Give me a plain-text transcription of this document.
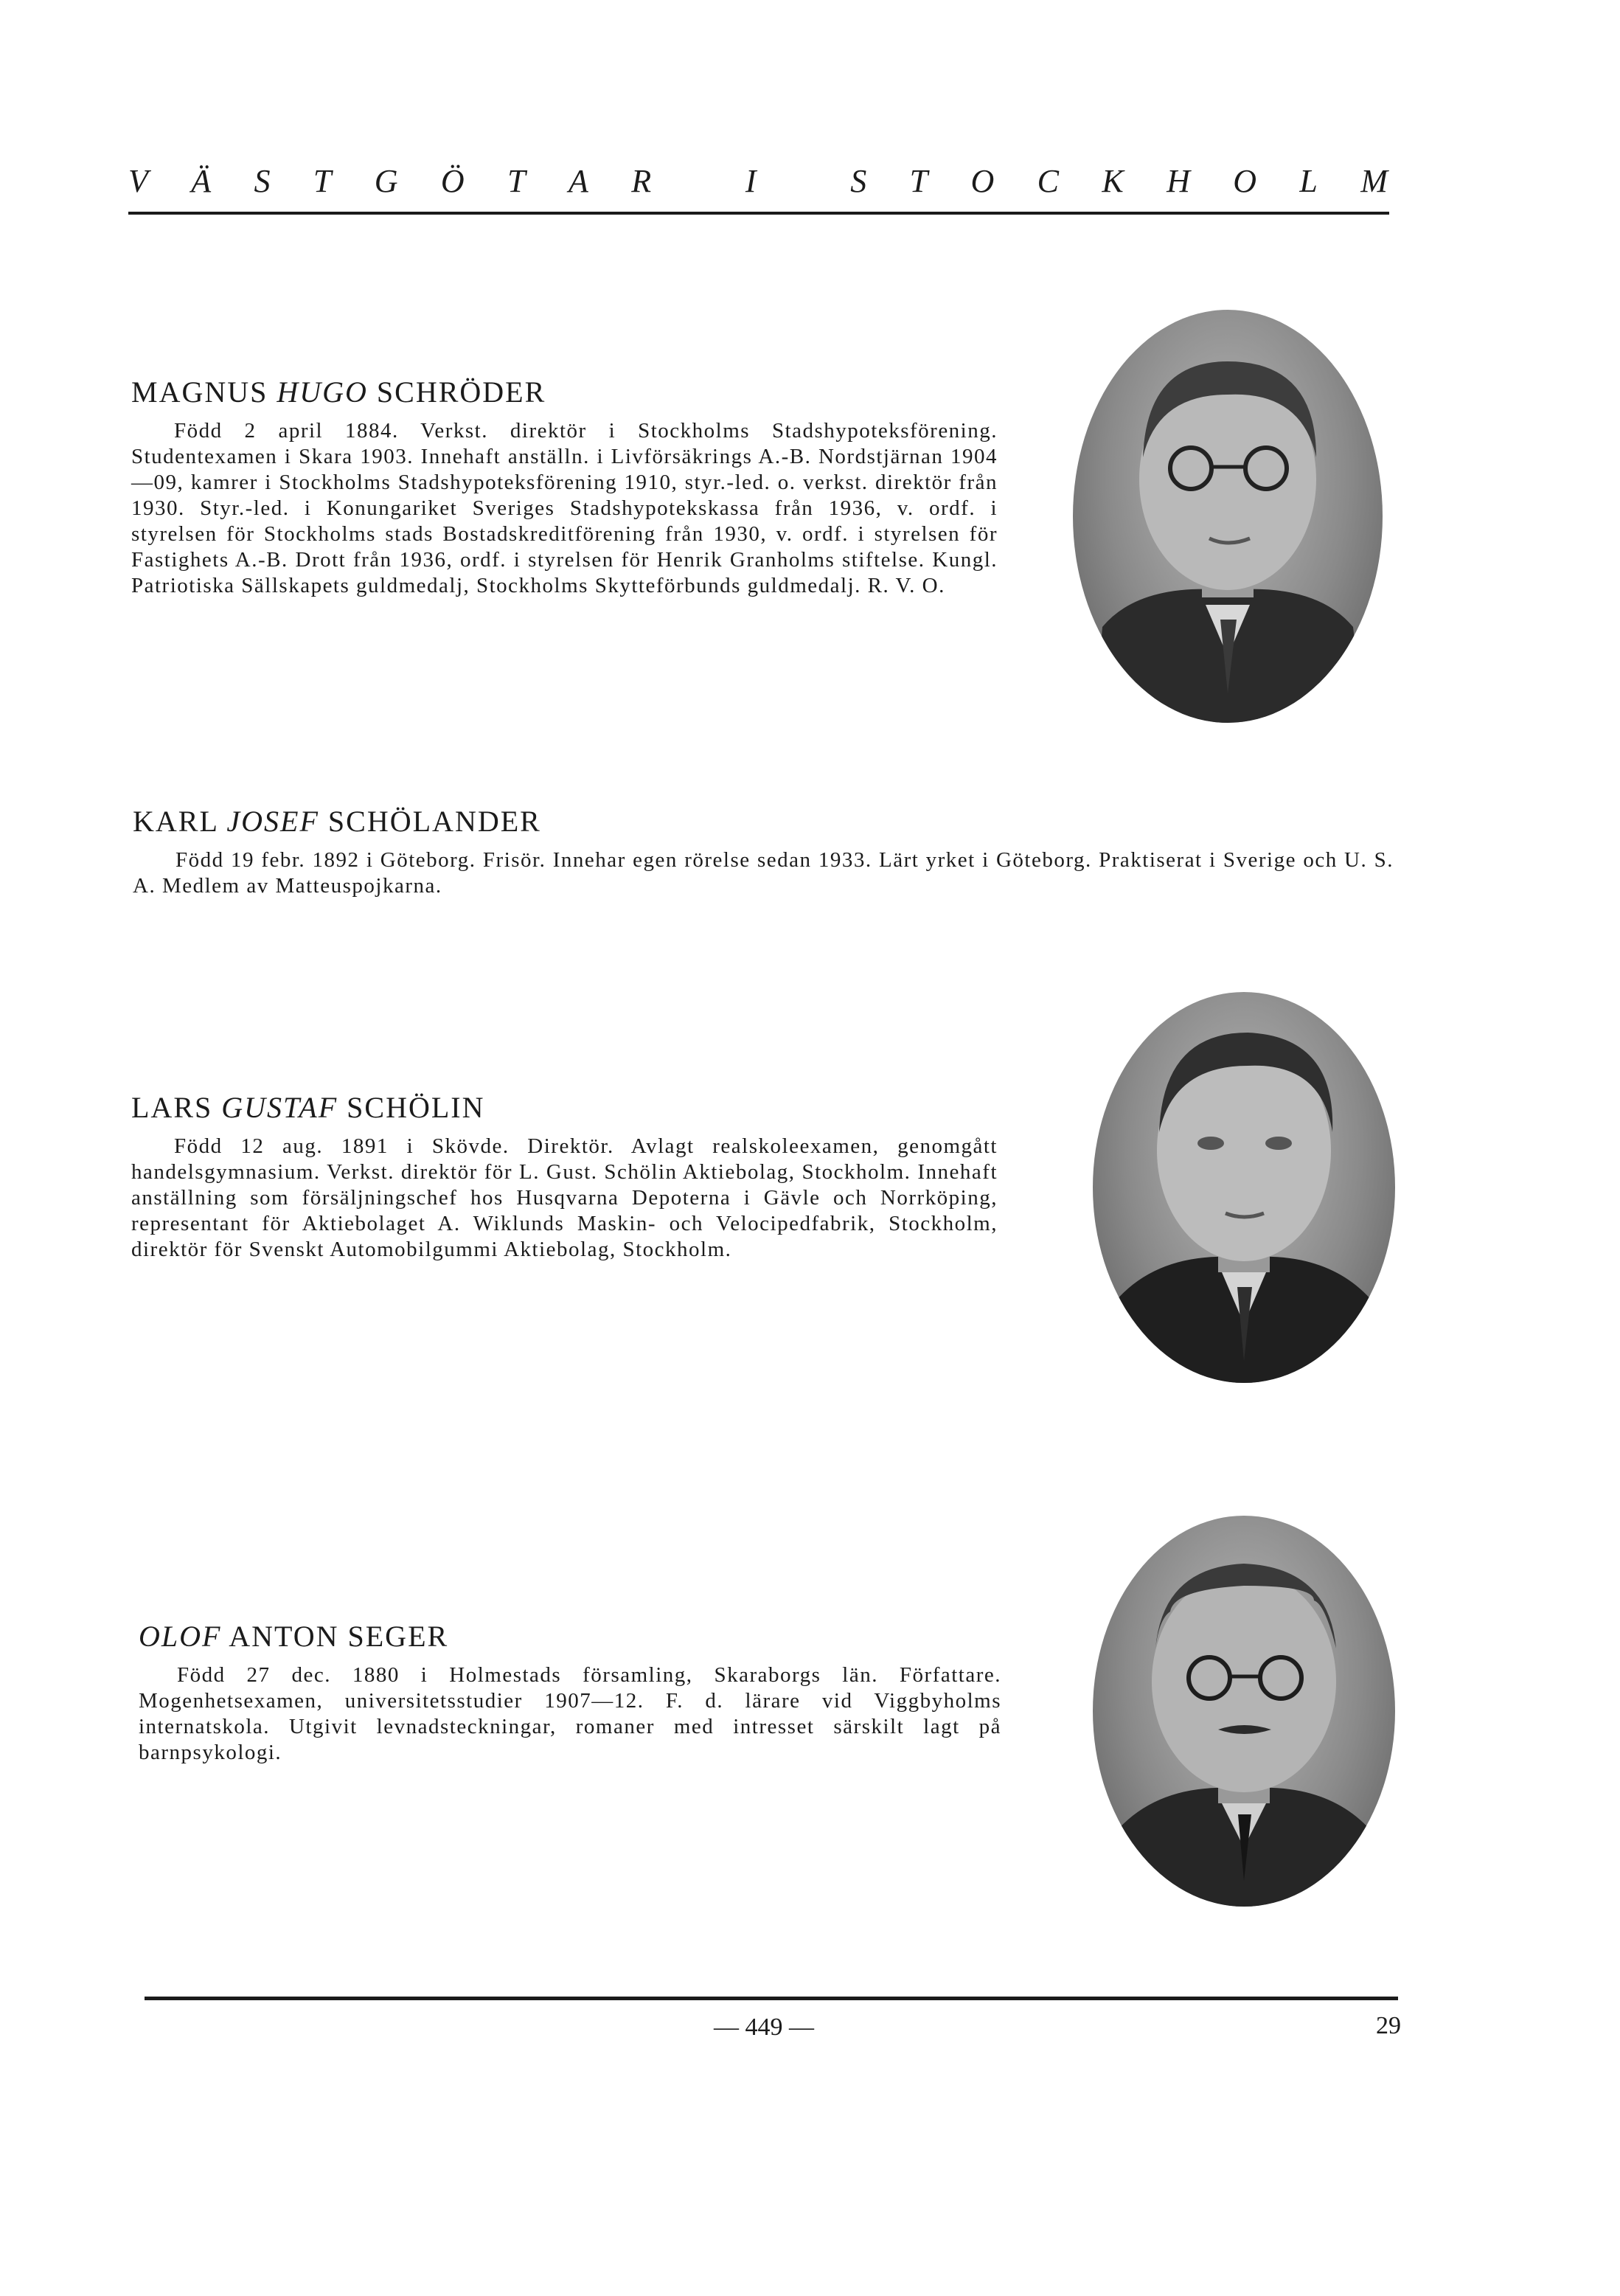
V Ä S T G Ö T A R
	I
	S T O C K H O L M
MAGNUS HUGO SCHRÖDER

Född 2 april 1884. Verkst. direktör i Stockholms Stadshypoteksförening. Studentexamen i Skara 1903. Innehaft anställn. i Livförsäkrings A.-B. Nordstjärnan 1904—09, kamrer i Stockholms Stadshypoteksförening 1910, styr.-led. o. verkst. direktör från 1930. Styr.-led. i Konungariket Sveriges Stadshypotekskassa från 1936, v. ordf. i styrelsen för Stockholms stads Bostadskreditförening från 1930, v. ordf. i styrelsen för Fastighets A.-B. Drott från 1936, ordf. i styrelsen för Henrik Granholms stiftelse. Kungl. Patriotiska Sällskapets guldmedalj, Stockholms Skytteförbunds guldmedalj. R. V. O.

KARL JOSEF SCHÖLANDER

Född 19 febr. 1892 i Göteborg. Frisör. Innehar egen rörelse sedan 1933. Lärt yrket i Göteborg. Praktiserat i Sverige och U. S. A. Medlem av Matteuspojkarna.

LARS GUSTAF SCHÖLIN

Född 12 aug. 1891 i Skövde. Direktör. Avlagt realskoleexamen, genomgått handelsgymnasium. Verkst. direktör för L. Gust. Schölin Aktiebolag, Stockholm. Innehaft anställning som försäljningschef hos Husqvarna Depoterna i Gävle och Norrköping, representant för Aktiebolaget A. Wiklunds Maskin- och Velocipedfabrik, Stockholm, direktör för Svenskt Automobilgummi Aktiebolag, Stockholm.

OLOF ANTON SEGER

Född 27 dec. 1880 i Holmestads församling, Skaraborgs län. Författare. Mogenhetsexamen, universitetsstudier 1907—12. F. d. lärare vid Viggbyholms internatskola. Utgivit levnadsteckningar, romaner med intresset särskilt lagt på barnpsykologi.

— 449 —	29
